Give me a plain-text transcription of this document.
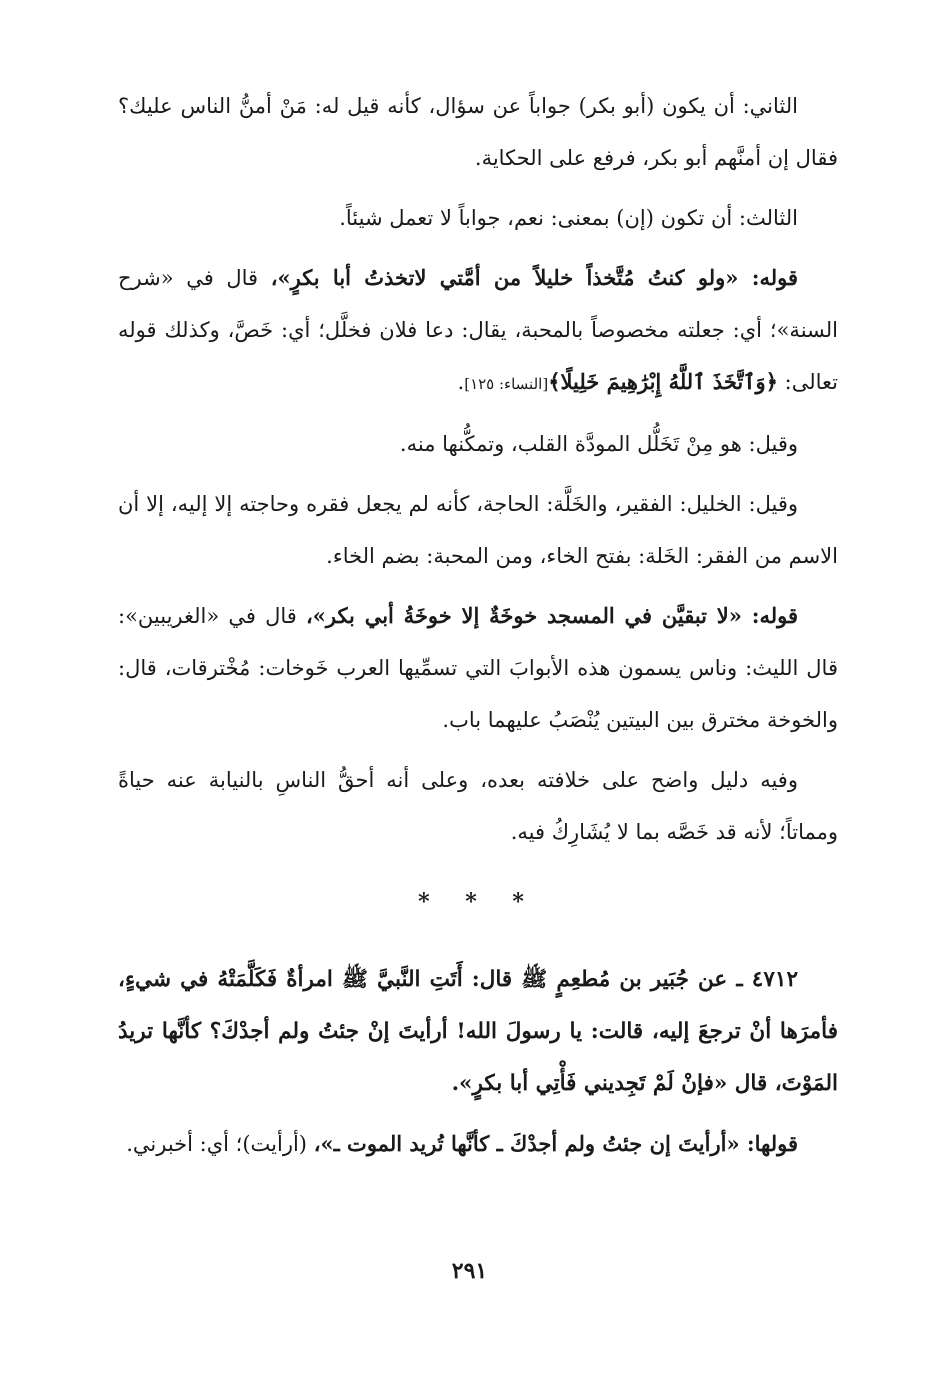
الثاني: أن يكون (أبو بكر) جواباً عن سؤال، كأنه قيل له: مَنْ أمنُّ الناس عليك؟ فقال إن أمنَّهم أبو بكر، فرفع على الحكاية.

الثالث: أن تكون (إن) بمعنى: نعم، جواباً لا تعمل شيئاً.

قوله: «ولو كنتُ مُتَّخذاً خليلاً من أمَّتي لاتخذتُ أبا بكرٍ»، قال في «شرح السنة»؛ أي: جعلته مخصوصاً بالمحبة، يقال: دعا فلان فخلَّل؛ أي: خَصَّ، وكذلك قوله تعالى: ﴿وَٱتَّخَذَ ٱللَّهُ إِبْرَٰهِيمَ خَلِيلًا﴾[النساء: ١٢٥].

وقيل: هو مِنْ تَخَلُّل المودَّة القلب، وتمكُّنها منه.

وقيل: الخليل: الفقير، والخَلَّة: الحاجة، كأنه لم يجعل فقره وحاجته إلا إليه، إلا أن الاسم من الفقر: الخَلة: بفتح الخاء، ومن المحبة: بضم الخاء.

قوله: «لا تبقيَّن في المسجد خوخَةٌ إلا خوخَةُ أبي بكر»، قال في «الغريبين»: قال الليث: وناس يسمون هذه الأبوابَ التي تسمِّيها العرب خَوخات: مُخْترقات، قال: والخوخة مخترق بين البيتين يُنْصَبُ عليهما باب.

وفيه دليل واضح على خلافته بعده، وعلى أنه أحقُّ الناسِ بالنيابة عنه حياةً ومماتاً؛ لأنه قد خَصَّه بما لا يُشَارِكُ فيه.

* * *

٤٧١٢ ـ عن جُبَير بن مُطعِمٍ ﷺ قال: أَتَتِ النَّبيَّ ﷺ امرأةٌ فَكَلَّمَتْهُ في شيءٍ، فأمرَها أنْ ترجعَ إليه، قالت: يا رسولَ الله! أرأيتَ إنْ جئتُ ولم أجدْكَ؟ كأنَّها تريدُ المَوْتَ، قال «فإنْ لَمْ تَجِديني فَأْتِي أبا بكرٍ».

قولها: «أرأيتَ إن جئتُ ولم أجدْكَ ـ كأنَّها تُريد الموت ـ»، (أرأيت)؛ أي: أخبرني.

٢٩١
